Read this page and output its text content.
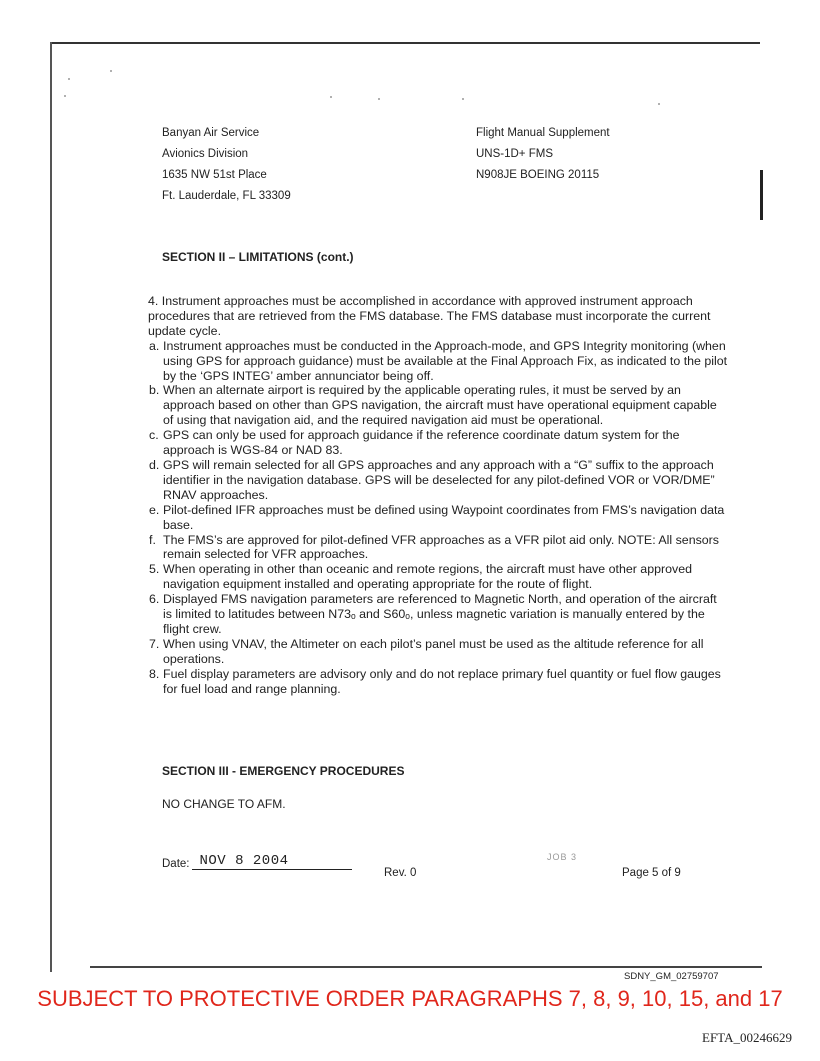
Banyan Air Service
Avionics Division
1635 NW 51st Place
Ft. Lauderdale, FL 33309
Flight Manual Supplement
UNS-1D+ FMS
N908JE BOEING 20115
SECTION II – LIMITATIONS (cont.)

4. Instrument approaches must be accomplished in accordance with approved instrument approach procedures that are retrieved from the FMS database. The FMS database must incorporate the current update cycle.

a. Instrument approaches must be conducted in the Approach-mode, and GPS Integrity monitoring (when using GPS for approach guidance) must be available at the Final Approach Fix, as indicated to the pilot by the ‘GPS INTEG’ amber annunciator being off.
b. When an alternate airport is required by the applicable operating rules, it must be served by an approach based on other than GPS navigation, the aircraft must have operational equipment capable of using that navigation aid, and the required navigation aid must be operational.
c. GPS can only be used for approach guidance if the reference coordinate datum system for the approach is WGS-84 or NAD 83.
d. GPS will remain selected for all GPS approaches and any approach with a “G” suffix to the approach identifier in the navigation database. GPS will be deselected for any pilot-defined VOR or VOR/DME” RNAV approaches.
e. Pilot-defined IFR approaches must be defined using Waypoint coordinates from FMS’s navigation data base.
f. The FMS’s are approved for pilot-defined VFR approaches as a VFR pilot aid only. NOTE: All sensors remain selected for VFR approaches.
5. When operating in other than oceanic and remote regions, the aircraft must have other approved navigation equipment installed and operating appropriate for the route of flight.
6. Displayed FMS navigation parameters are referenced to Magnetic North, and operation of the aircraft is limited to latitudes between N73ₒ and S60ₒ, unless magnetic variation is manually entered by the flight crew.
7. When using VNAV, the Altimeter on each pilot’s panel must be used as the altitude reference for all operations.
8. Fuel display parameters are advisory only and do not replace primary fuel quantity or fuel flow gauges for fuel load and range planning.
SECTION III - EMERGENCY PROCEDURES
NO CHANGE TO AFM.
Date: NOV 8 2004
Rev. 0
JOB 3
Page 5 of 9
SDNY_GM_02759707
SUBJECT TO PROTECTIVE ORDER PARAGRAPHS 7, 8, 9, 10, 15, and 17
EFTA_00246629
